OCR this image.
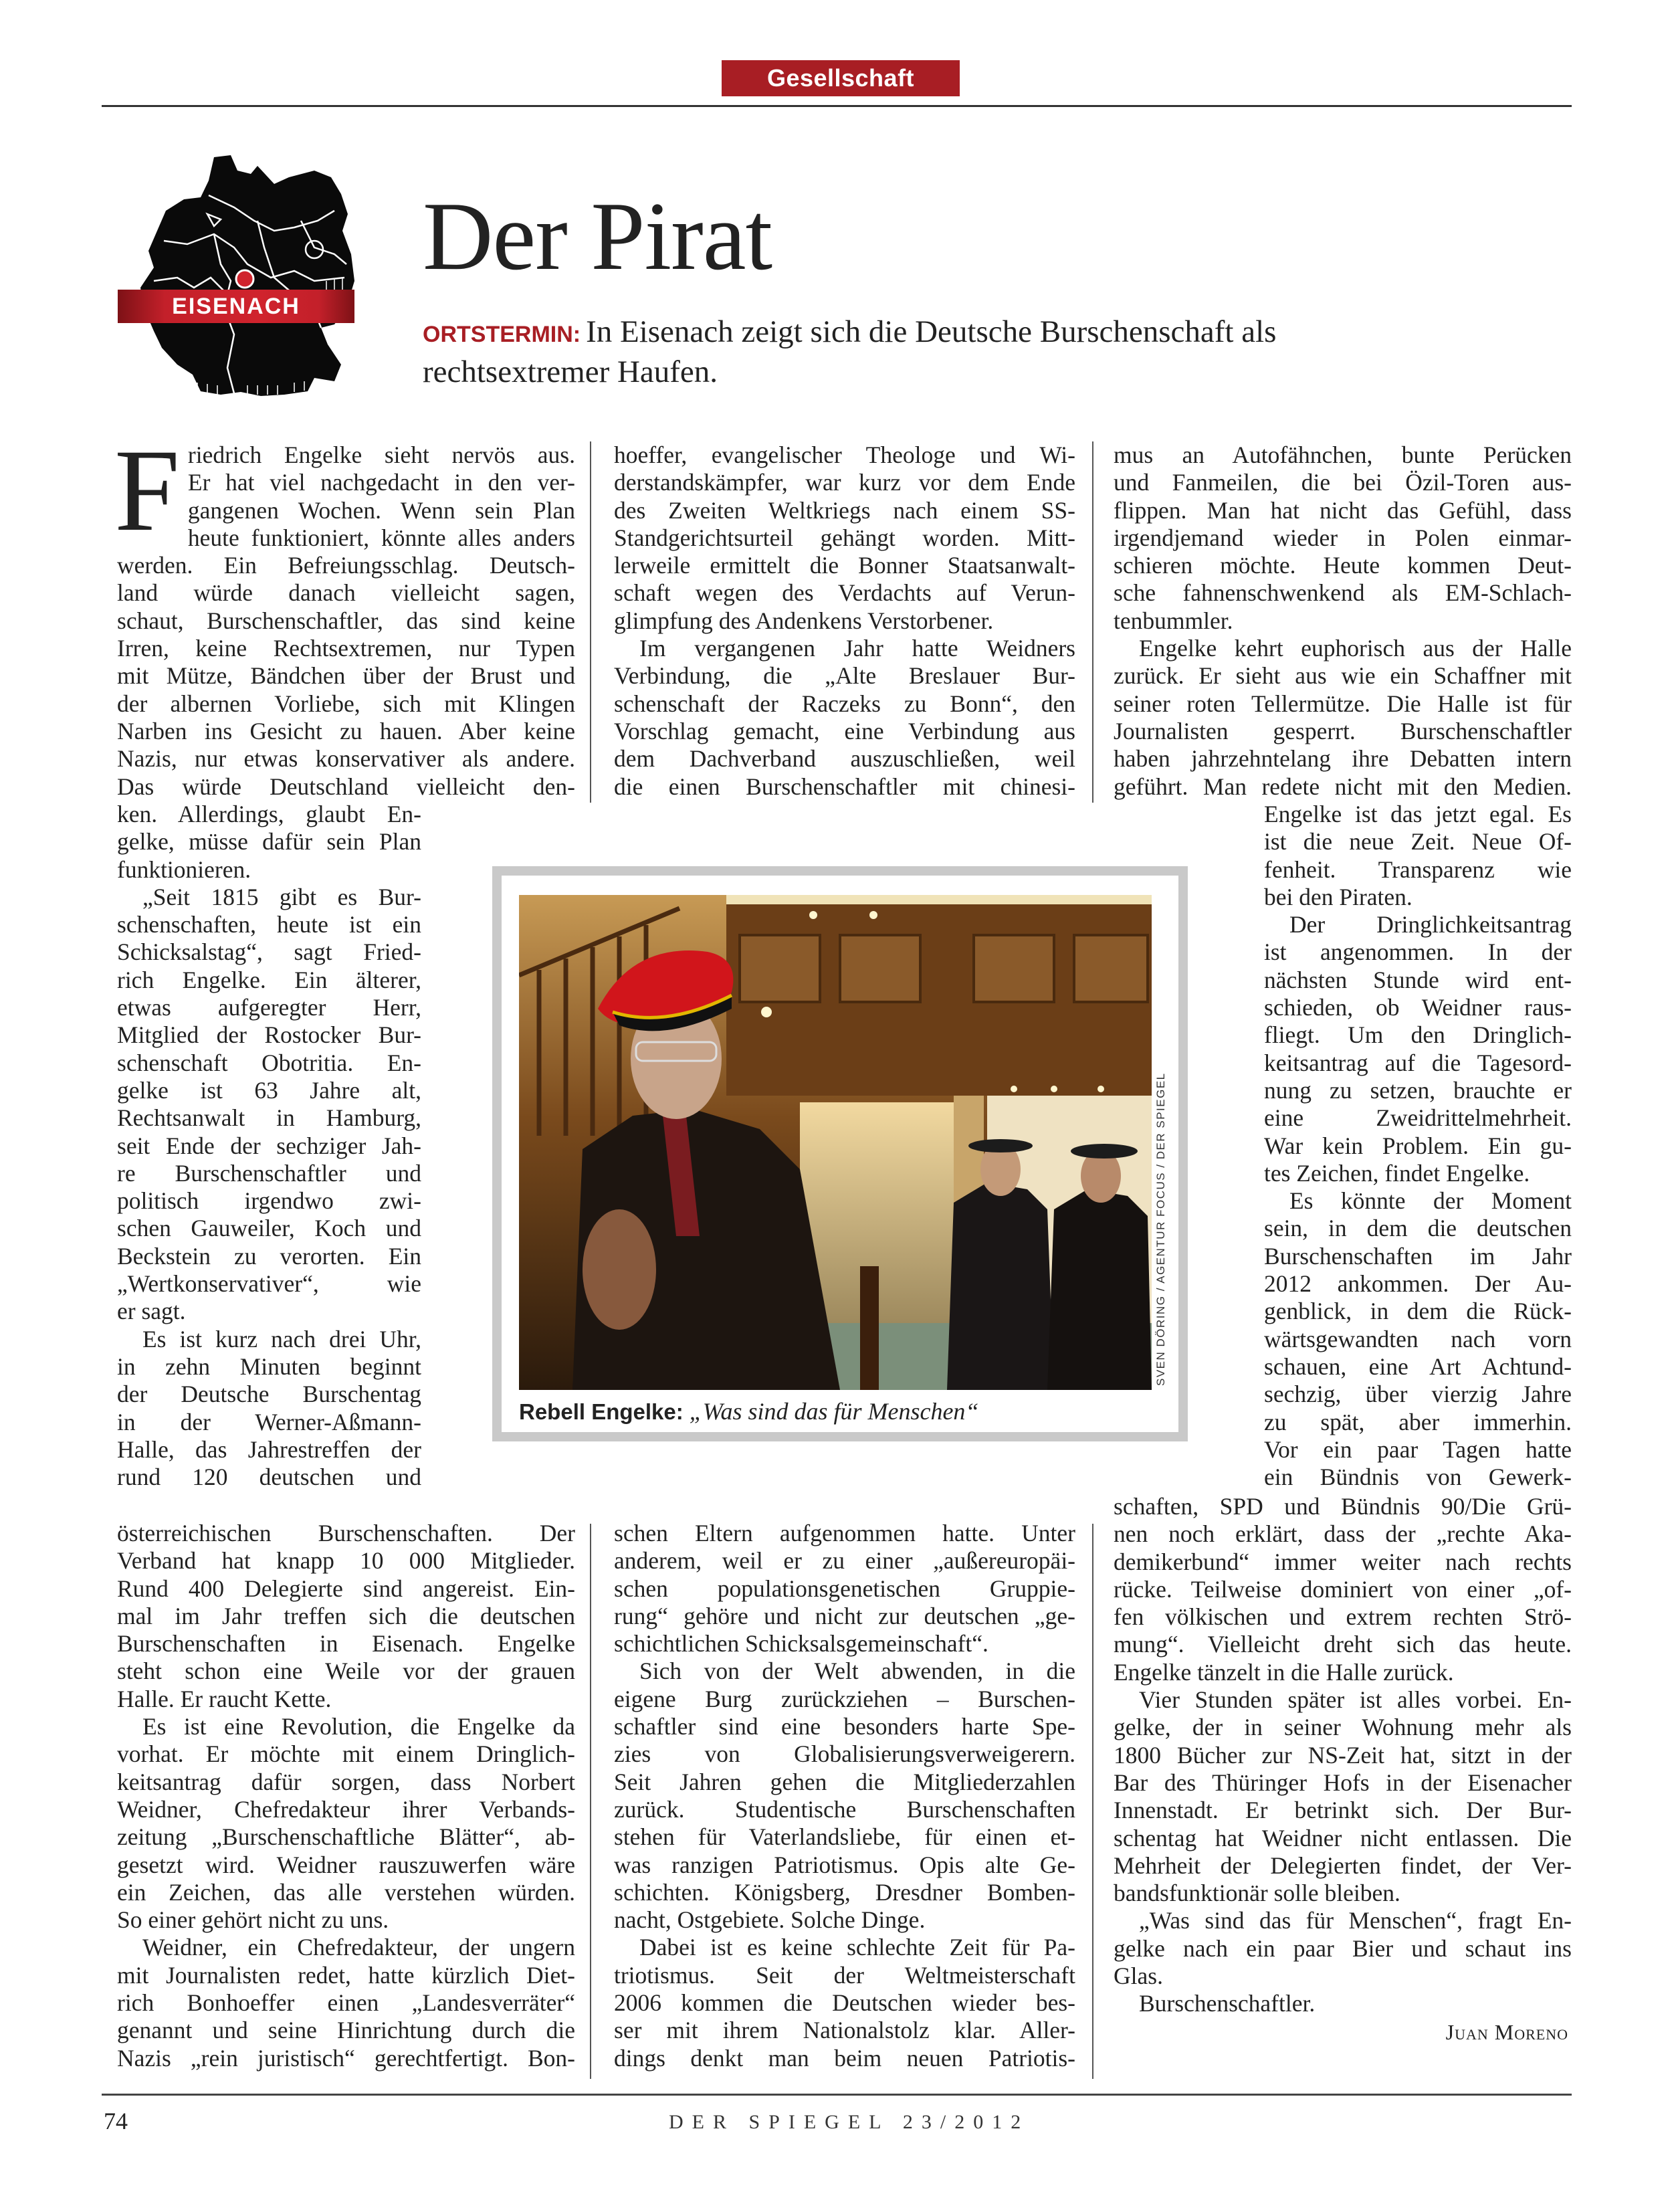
Gesellschaft
EISENACH
Der Pirat
ORTSTERMIN: In Eisenach zeigt sich die Deutsche Burschenschaft als rechtsextremer Haufen.
F riedrich Engelke sieht nervös aus.
Er hat viel nachgedacht in den ver-
gangenen Wochen. Wenn sein Plan
heute funktioniert, könnte alles anders
werden. Ein Befreiungsschlag. Deutsch-
land würde danach vielleicht sagen,
schaut, Burschenschaftler, das sind keine
Irren, keine Rechtsextremen, nur Typen
mit Mütze, Bändchen über der Brust und
der albernen Vorliebe, sich mit Klingen
Narben ins Gesicht zu hauen. Aber keine
Nazis, nur etwas konservativer als andere.
Das würde Deutschland vielleicht den-
ken. Allerdings, glaubt En-
gelke, müsse dafür sein Plan
funktionieren.
„Seit 1815 gibt es Bur-
schenschaften, heute ist ein
Schicksalstag“, sagt Fried-
rich Engelke. Ein älterer,
etwas aufgeregter Herr,
Mitglied der Rostocker Bur-
schenschaft Obotritia. En-
gelke ist 63 Jahre alt,
Rechtsanwalt in Hamburg,
seit Ende der sechziger Jah-
re Burschenschaftler und
politisch irgendwo zwi-
schen Gauweiler, Koch und
Beckstein zu verorten. Ein
„Wertkonservativer“, wie
er sagt.
Es ist kurz nach drei Uhr,
in zehn Minuten beginnt
der Deutsche Burschentag
in der Werner-Aßmann-
Halle, das Jahrestreffen der
rund 120 deutschen und
österreichischen Burschenschaften. Der
Verband hat knapp 10 000 Mitglieder.
Rund 400 Delegierte sind angereist. Ein-
mal im Jahr treffen sich die deutschen
Burschenschaften in Eisenach. Engelke
steht schon eine Weile vor der grauen
Halle. Er raucht Kette.
Es ist eine Revolution, die Engelke da
vorhat. Er möchte mit einem Dringlich-
keitsantrag dafür sorgen, dass Norbert
Weidner, Chefredakteur ihrer Verbands-
zeitung „Burschenschaftliche Blätter“, ab-
gesetzt wird. Weidner rauszuwerfen wäre
ein Zeichen, das alle verstehen würden.
So einer gehört nicht zu uns.
Weidner, ein Chefredakteur, der ungern
mit Journalisten redet, hatte kürzlich Diet-
rich Bonhoeffer einen „Landesverräter“
genannt und seine Hinrichtung durch die
Nazis „rein juristisch“ gerechtfertigt. Bon-
hoeffer, evangelischer Theologe und Wi-
derstandskämpfer, war kurz vor dem Ende
des Zweiten Weltkriegs nach einem SS-
Standgerichtsurteil gehängt worden. Mitt-
lerweile ermittelt die Bonner Staatsanwalt-
schaft wegen des Verdachts auf Verun-
glimpfung des Andenkens Verstorbener.
Im vergangenen Jahr hatte Weidners
Verbindung, die „Alte Breslauer Bur-
schenschaft der Raczeks zu Bonn“, den
Vorschlag gemacht, eine Verbindung aus
dem Dachverband auszuschließen, weil
die einen Burschenschaftler mit chinesi-
schen Eltern aufgenommen hatte. Unter
anderem, weil er zu einer „außereuropäi-
schen populationsgenetischen Gruppie-
rung“ gehöre und nicht zur deutschen „ge-
schichtlichen Schicksalsgemeinschaft“.
Sich von der Welt abwenden, in die
eigene Burg zurückziehen – Burschen-
schaftler sind eine besonders harte Spe-
zies von Globalisierungsverweigerern.
Seit Jahren gehen die Mitgliederzahlen
zurück. Studentische Burschenschaften
stehen für Vaterlandsliebe, für einen et-
was ranzigen Patriotismus. Opis alte Ge-
schichten. Königsberg, Dresdner Bomben-
nacht, Ostgebiete. Solche Dinge.
Dabei ist es keine schlechte Zeit für Pa-
triotismus. Seit der Weltmeisterschaft
2006 kommen die Deutschen wieder bes-
ser mit ihrem Nationalstolz klar. Aller-
dings denkt man beim neuen Patriotis-
mus an Autofähnchen, bunte Perücken
und Fanmeilen, die bei Özil-Toren aus-
flippen. Man hat nicht das Gefühl, dass
irgendjemand wieder in Polen einmar-
schieren möchte. Heute kommen Deut-
sche fahnenschwenkend als EM-Schlach-
tenbummler.
Engelke kehrt euphorisch aus der Halle
zurück. Er sieht aus wie ein Schaffner mit
seiner roten Tellermütze. Die Halle ist für
Journalisten gesperrt. Burschenschaftler
haben jahrzehntelang ihre Debatten intern
geführt. Man redete nicht mit den Medien.
Engelke ist das jetzt egal. Es
ist die neue Zeit. Neue Of-
fenheit. Transparenz wie
bei den Piraten.
Der Dringlichkeitsantrag
ist angenommen. In der
nächsten Stunde wird ent-
schieden, ob Weidner raus-
fliegt. Um den Dringlich-
keitsantrag auf die Tagesord-
nung zu setzen, brauchte er
eine Zweidrittelmehrheit.
War kein Problem. Ein gu-
tes Zeichen, findet Engelke.
Es könnte der Moment
sein, in dem die deutschen
Burschenschaften im Jahr
2012 ankommen. Der Au-
genblick, in dem die Rück-
wärtsgewandten nach vorn
schauen, eine Art Achtund-
sechzig, über vierzig Jahre
zu spät, aber immerhin.
Vor ein paar Tagen hatte
ein Bündnis von Gewerk-
schaften, SPD und Bündnis 90/Die Grü-
nen noch erklärt, dass der „rechte Aka-
demikerbund“ immer weiter nach rechts
rücke. Teilweise dominiert von einer „of-
fen völkischen und extrem rechten Strö-
mung“. Vielleicht dreht sich das heute.
Engelke tänzelt in die Halle zurück.
Vier Stunden später ist alles vorbei. En-
gelke, der in seiner Wohnung mehr als
1800 Bücher zur NS-Zeit hat, sitzt in der
Bar des Thüringer Hofs in der Eisenacher
Innenstadt. Er betrinkt sich. Der Bur-
schentag hat Weidner nicht entlassen. Die
Mehrheit der Delegierten findet, der Ver-
bandsfunktionär solle bleiben.
„Was sind das für Menschen“, fragt En-
gelke nach ein paar Bier und schaut ins
Glas.
Burschenschaftler.
SVEN DÖRING / AGENTUR FOCUS / DER SPIEGEL
Rebell Engelke: „Was sind das für Menschen“
Juan Moreno
74	DER SPIEGEL 23/2012
